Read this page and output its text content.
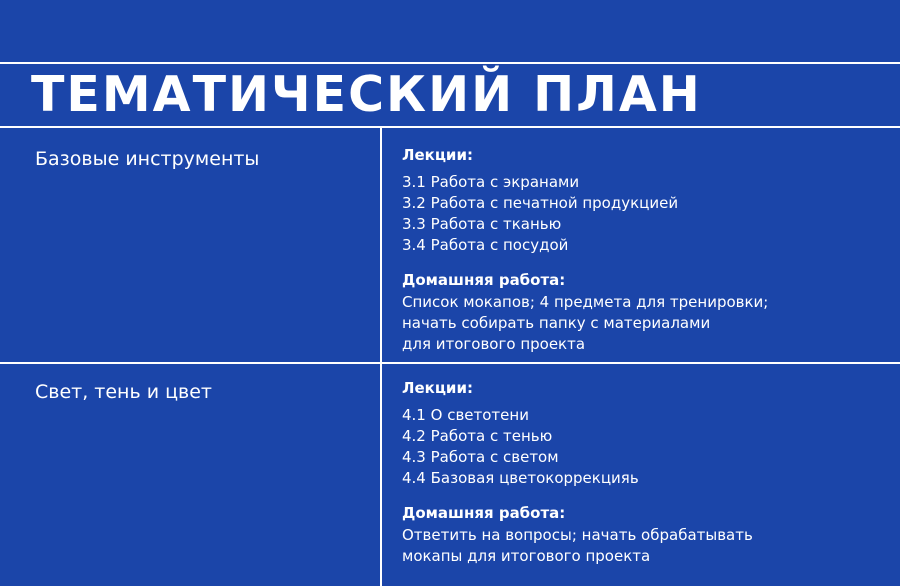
ТЕМАТИЧЕСКИЙ ПЛАН
Базовые инструменты	Лекции:
3.1 Работа с экранами
3.2 Работа с печатной продукцией
3.3 Работа с тканью
3.4 Работа с посудой
Домашняя работа:
Список мокапов; 4 предмета для тренировки;
начать собирать папку с материалами
для итогового проекта
Свет, тень и цвет	Лекции:
4.1 О светотени
4.2 Работа с тенью
4.3 Работа с светом
4.4 Базовая цветокоррекцияь
Домашняя работа:
Ответить на вопросы; начать обрабатывать
мокапы для итогового проекта
